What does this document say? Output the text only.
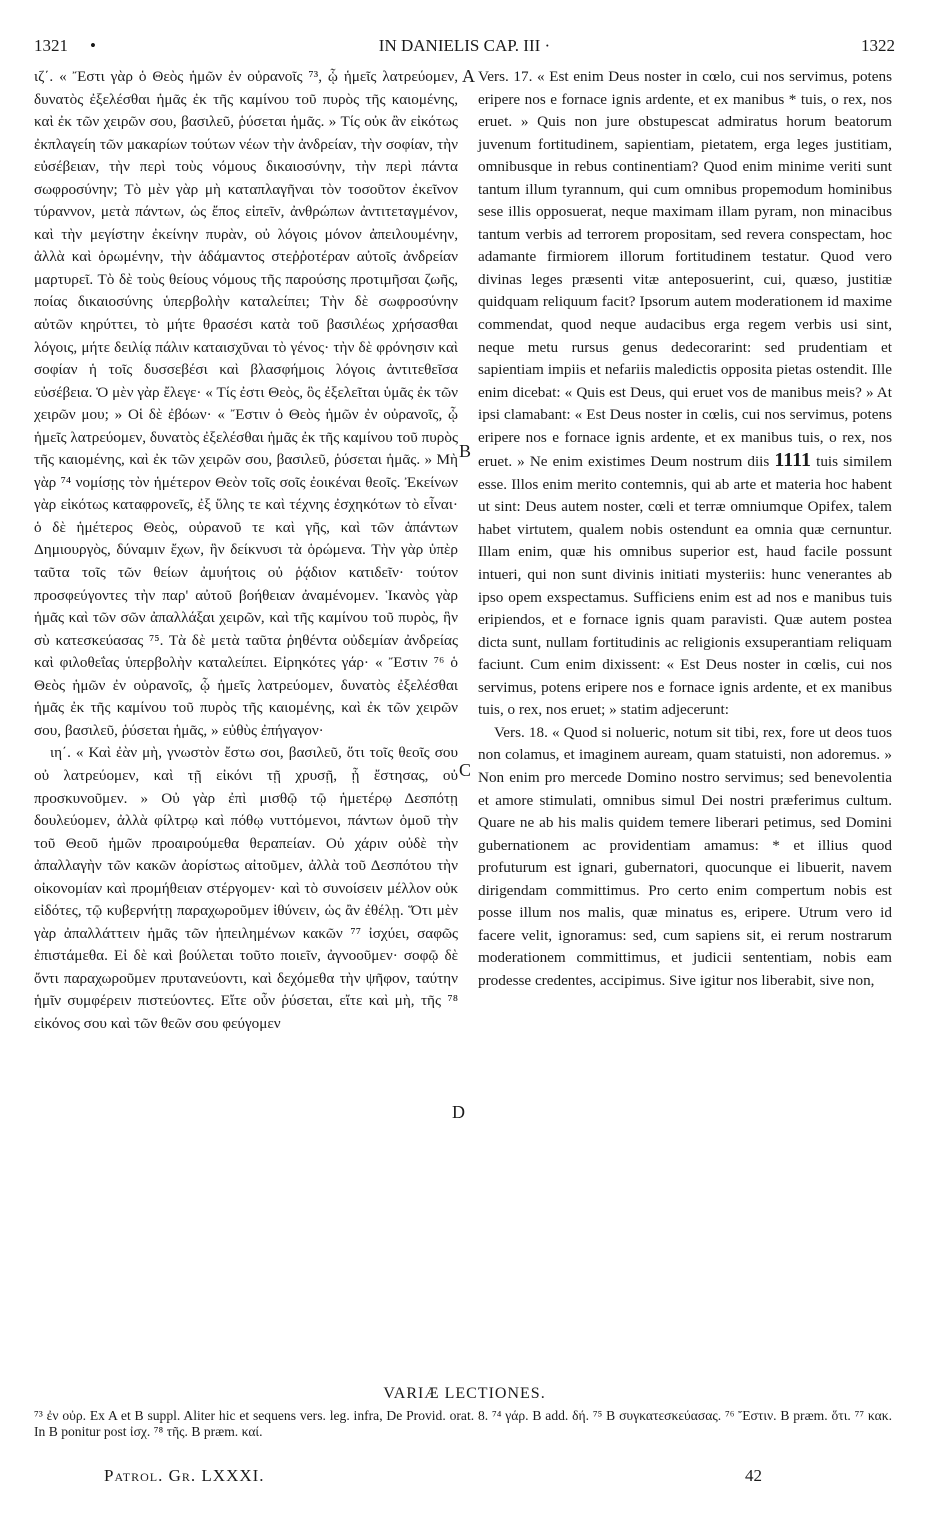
1321 •	IN DANIELIS CAP. III ·	1322

ιζ΄. « Ἔστι γὰρ ὁ Θεὸς ἡμῶν ἐν οὐρανοῖς ⁷³, ᾧ ἡμεῖς λατρεύομεν, δυνατὸς ἐξελέσθαι ἡμᾶς ἐκ τῆς καμίνου τοῦ πυρὸς τῆς καιομένης, καὶ ἐκ τῶν χειρῶν σου, βασιλεῦ, ῥύσεται ἡμᾶς. » Τίς οὐκ ἂν εἰκότως ἐκπλαγείη τῶν μακαρίων τούτων νέων τὴν ἀνδρείαν, τὴν σοφίαν, τὴν εὐσέβειαν, τὴν περὶ τοὺς νόμους δικαιοσύνην, τὴν περὶ πάντα σωφροσύνην; Τὸ μὲν γὰρ μὴ καταπλαγῆναι τὸν τοσοῦτον ἐκεῖνον τύραννον, μετὰ πάντων, ὡς ἔπος εἰπεῖν, ἀνθρώπων ἀντιτεταγμένον, καὶ τὴν μεγίστην ἐκείνην πυρὰν, οὐ λόγοις μόνον ἀπειλουμένην, ἀλλὰ καὶ ὁρωμένην, τὴν ἀδάμαντος στεῤῥοτέραν αὐτοῖς ἀνδρείαν μαρτυρεῖ. Τὸ δὲ τοὺς θείους νόμους τῆς παρούσης προτιμῆσαι ζωῆς, ποίας δικαιοσύνης ὑπερβολὴν καταλείπει; Τὴν δὲ σωφροσύνην αὐτῶν κηρύττει, τὸ μήτε θρασέσι κατὰ τοῦ βασιλέως χρήσασθαι λόγοις, μήτε δειλίᾳ πάλιν καταισχῦναι τὸ γένος· τὴν δὲ φρόνησιν καὶ σοφίαν ἡ τοῖς δυσσεβέσι καὶ βλασφήμοις λόγοις ἀντιτεθεῖσα εὐσέβεια. Ὁ μὲν γὰρ ἔλεγε· « Τίς ἐστι Θεὸς, ὃς ἐξελεῖται ὑμᾶς ἐκ τῶν χειρῶν μου; » Οἱ δὲ ἐβόων· « Ἔστιν ὁ Θεὸς ἡμῶν ἐν οὐρανοῖς, ᾧ ἡμεῖς λατρεύομεν, δυνατὸς ἐξελέσθαι ἡμᾶς ἐκ τῆς καμίνου τοῦ πυρὸς τῆς καιομένης, καὶ ἐκ τῶν χειρῶν σου, βασιλεῦ, ῥύσεται ἡμᾶς. » Μὴ γὰρ ⁷⁴ νομίσῃς τὸν ἡμέτερον Θεὸν τοῖς σοῖς ἐοικέναι θεοῖς. Ἐκείνων γὰρ εἰκότως καταφρονεῖς, ἐξ ὕλης τε καὶ τέχνης ἐσχηκότων τὸ εἶναι· ὁ δὲ ἡμέτερος Θεὸς, οὐρανοῦ τε καὶ γῆς, καὶ τῶν ἁπάντων Δημιουργὸς, δύναμιν ἔχων, ἣν δείκνυσι τὰ ὁρώμενα. Τὴν γὰρ ὑπὲρ ταῦτα τοῖς τῶν θείων ἀμυήτοις οὐ ῥᾴδιον κατιδεῖν· τούτον προσφεύγοντες τὴν παρ' αὐτοῦ βοήθειαν ἀναμένομεν. Ἱκανὸς γὰρ ἡμᾶς καὶ τῶν σῶν ἀπαλλάξαι χειρῶν, καὶ τῆς καμίνου τοῦ πυρὸς, ἣν σὺ κατεσκεύασας ⁷⁵. Τὰ δὲ μετὰ ταῦτα ῥηθέντα οὐδεμίαν ἀνδρείας καὶ φιλοθεΐας ὑπερβολὴν καταλείπει. Εἰρηκότες γάρ· « Ἔστιν ⁷⁶ ὁ Θεὸς ἡμῶν ἐν οὐρανοῖς, ᾧ ἡμεῖς λατρεύομεν, δυνατὸς ἐξελέσθαι ἡμᾶς ἐκ τῆς καμίνου τοῦ πυρὸς τῆς καιομένης, καὶ ἐκ τῶν χειρῶν σου, βασιλεῦ, ῥύσεται ἡμᾶς, » εὐθὺς ἐπήγαγον·

ιη΄. « Καὶ ἐὰν μὴ, γνωστὸν ἔστω σοι, βασιλεῦ, ὅτι τοῖς θεοῖς σου οὐ λατρεύομεν, καὶ τῇ εἰκόνι τῇ χρυσῇ, ᾗ ἔστησας, οὐ προσκυνοῦμεν. » Οὐ γὰρ ἐπὶ μισθῷ τῷ ἡμετέρῳ Δεσπότῃ δουλεύομεν, ἀλλὰ φίλτρῳ καὶ πόθῳ νυττόμενοι, πάντων ὁμοῦ τὴν τοῦ Θεοῦ ἡμῶν προαιρούμεθα θεραπείαν. Οὐ χάριν οὐδὲ τὴν ἀπαλλαγὴν τῶν κακῶν ἀορίστως αἰτοῦμεν, ἀλλὰ τοῦ Δεσπότου τὴν οἰκονομίαν καὶ προμήθειαν στέργομεν· καὶ τὸ συνοίσειν μέλλον οὐκ εἰδότες, τῷ κυβερνήτῃ παραχωροῦμεν ἰθύνειν, ὡς ἂν ἐθέλῃ. Ὅτι μὲν γὰρ ἀπαλλάττειν ἡμᾶς τῶν ἠπειλημένων κακῶν ⁷⁷ ἰσχύει, σαφῶς ἐπιστάμεθα. Εἰ δὲ καὶ βούλεται τοῦτο ποιεῖν, ἀγνοοῦμεν· σοφῷ δὲ ὄντι παραχωροῦμεν πρυτανεύοντι, καὶ δεχόμεθα τὴν ψῆφον, ταύτην ἡμῖν συμφέρειν πιστεύοντες. Εἴτε οὖν ῥύσεται, εἴτε καὶ μὴ, τῆς ⁷⁸ εἰκόνος σου καὶ τῶν θεῶν σου φεύγομεν

A
B
C
D

Vers. 17. « Est enim Deus noster in cœlo, cui nos servimus, potens eripere nos e fornace ignis ardente, et ex manibus * tuis, o rex, nos eruet. » Quis non jure obstupescat admiratus horum beatorum juvenum fortitudinem, sapientiam, pietatem, erga leges justitiam, omnibusque in rebus continentiam? Quod enim minime veriti sunt tantum illum tyrannum, qui cum omnibus propemodum hominibus sese illis opposuerat, neque maximam illam pyram, non minacibus tantum verbis ad terrorem propositam, sed revera conspectam, hoc adamante firmiorem illorum fortitudinem testatur. Quod vero divinas leges præsenti vitæ anteposuerint, cui, quæso, justitiæ quidquam reliquum facit? Ipsorum autem moderationem id maxime commendat, quod neque audacibus erga regem verbis usi sint, neque metu rursus genus dedecorarint: sed prudentiam et sapientiam impiis et nefariis maledictis opposita pietas ostendit. Ille enim dicebat: « Quis est Deus, qui eruet vos de manibus meis? » At ipsi clamabant: « Est Deus noster in cœlis, cui nos servimus, potens eripere nos e fornace ignis ardente, et ex manibus tuis, o rex, nos eruet. » Ne enim existimes Deum nostrum diis 1111 tuis similem esse. Illos enim merito contemnis, qui ab arte et materia hoc habent ut sint: Deus autem noster, cœli et terræ omniumque Opifex, talem habet virtutem, qualem nobis ostendunt ea omnia quæ cernuntur. Illam enim, quæ his omnibus superior est, haud facile possunt intueri, qui non sunt divinis initiati mysteriis: hunc venerantes ab ipso opem exspectamus. Sufficiens enim est ad nos e manibus tuis eripiendos, et e fornace ignis quam paravisti. Quæ autem postea dicta sunt, nullam fortitudinis ac religionis exsuperantiam reliquam faciunt. Cum enim dixissent: « Est Deus noster in cœlis, cui nos servimus, potens eripere nos e fornace ignis ardente, et ex manibus tuis, o rex, nos eruet; » statim adjecerunt:

Vers. 18. « Quod si nolueric, notum sit tibi, rex, fore ut deos tuos non colamus, et imaginem auream, quam statuisti, non adoremus. » Non enim pro mercede Domino nostro servimus; sed benevolentia et amore stimulati, omnibus simul Dei nostri præferimus cultum. Quare ne ab his malis quidem temere liberari petimus, sed Domini gubernationem ac providentiam amamus: * et illius quod profuturum est ignari, gubernatori, quocunque ei libuerit, navem dirigendam committimus. Pro certo enim compertum nobis est posse illum nos malis, quæ minatus es, eripere. Utrum vero id facere velit, ignoramus: sed, cum sapiens sit, ei rerum nostrarum moderationem committimus, et judicii sententiam, nobis eam prodesse credentes, accipimus. Sive igitur nos liberabit, sive non,

VARIÆ LECTIONES.
⁷³ ἐν οὐρ. Ex A et B suppl. Aliter hic et sequens vers. leg. infra, De Provid. orat. 8. ⁷⁴ γάρ. B add. δή. ⁷⁵ B συγκατεσκεύασας. ⁷⁶ Ἔστιν. B præm. ὅτι. ⁷⁷ κακ. In B ponitur post ἰσχ. ⁷⁸ τῆς. B præm. καί.
Patrol. Gr. LXXXI.	42
